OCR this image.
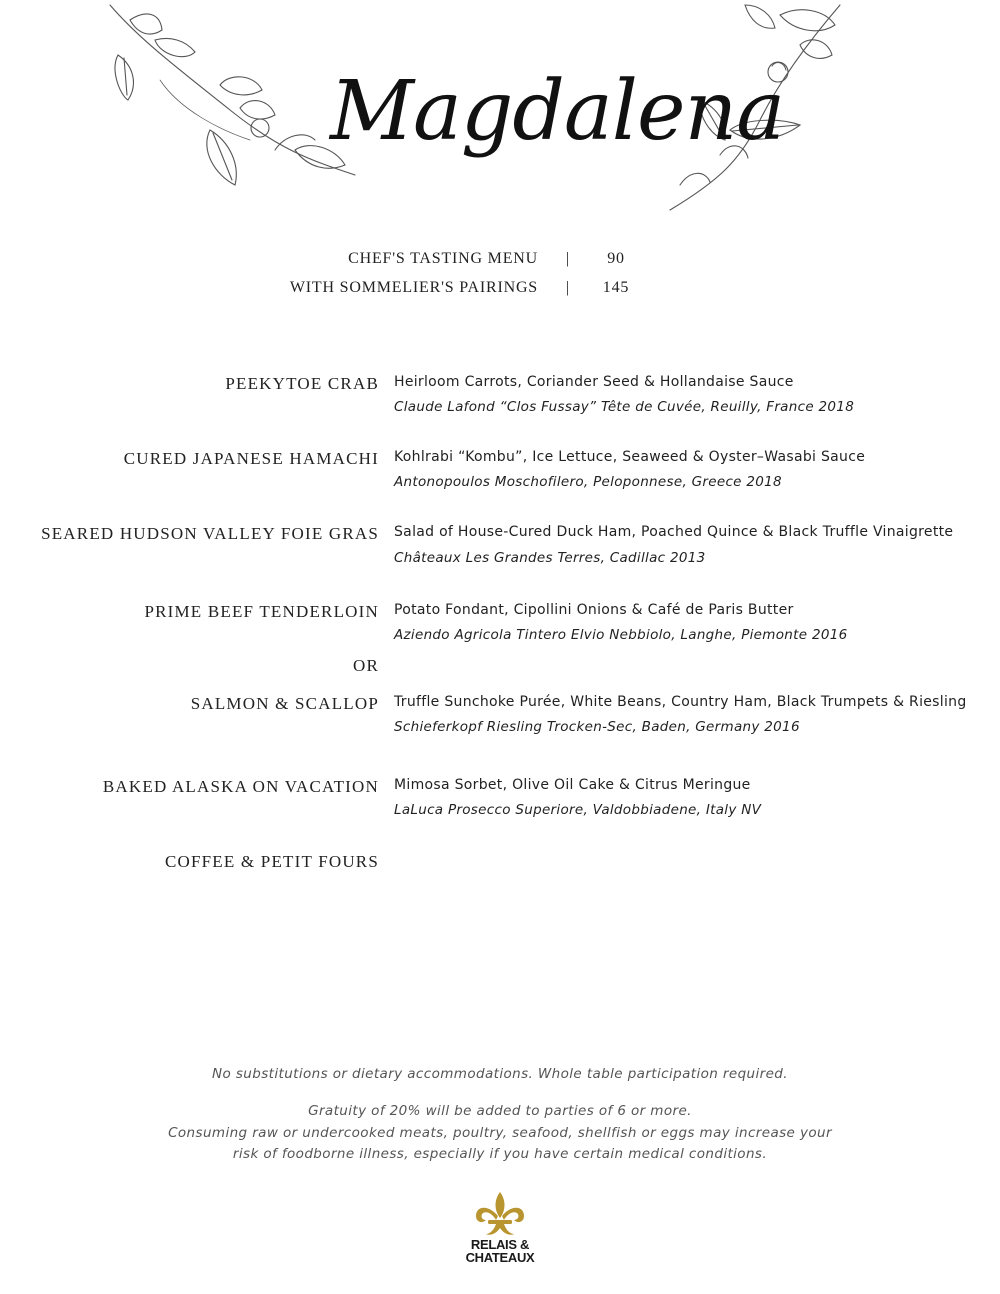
Magdalena
CHEF'S TASTING MENU |	90
WITH SOMMELIER'S PAIRINGS | 145
PEEKYTOE CRAB Heirloom Carrots, Coriander Seed & Hollandaise Sauce
Claude Lafond “Clos Fussay” Tête de Cuvée, Reuilly, France 2018
CURED JAPANESE HAMACHI Kohlrabi “Kombu”, Ice Lettuce, Seaweed & Oyster–Wasabi Sauce
Antonopoulos Moschofilero, Peloponnese, Greece 2018
SEARED HUDSON VALLEY FOIE GRAS Salad of House-Cured Duck Ham, Poached Quince & Black Truffle Vinaigrette
Châteaux Les Grandes Terres, Cadillac 2013
PRIME BEEF TENDERLOIN Potato Fondant, Cipollini Onions & Café de Paris Butter
Aziendo Agricola Tintero Elvio Nebbiolo, Langhe, Piemonte 2016
OR
SALMON & SCALLOP Truffle Sunchoke Purée, White Beans, Country Ham, Black Trumpets & Riesling
Schieferkopf Riesling Trocken-Sec, Baden, Germany 2016
BAKED ALASKA ON VACATION Mimosa Sorbet, Olive Oil Cake & Citrus Meringue
LaLuca Prosecco Superiore, Valdobbiadene, Italy NV
COFFEE & PETIT FOURS
No substitutions or dietary accommodations. Whole table participation required.
Gratuity of 20% will be added to parties of 6 or more.
Consuming raw or undercooked meats, poultry, seafood, shellfish or eggs may increase your
risk of foodborne illness, especially if you have certain medical conditions.
RELAIS &
CHATEAUX
